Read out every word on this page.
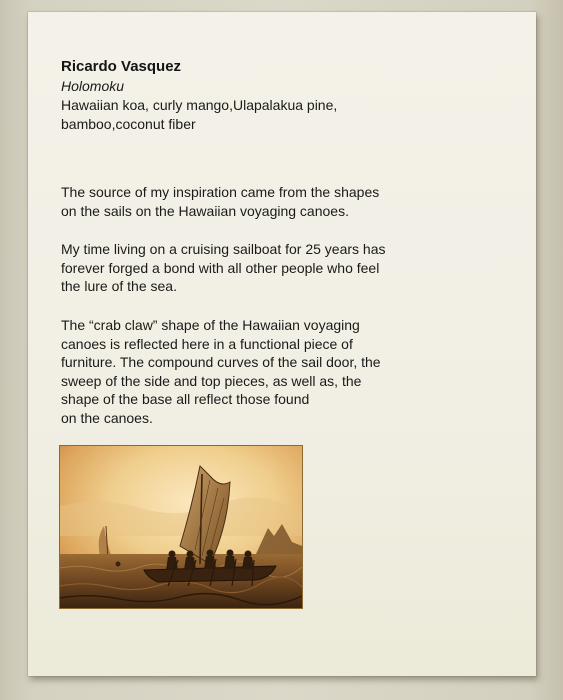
Ricardo Vasquez
Holomoku
Hawaiian koa, curly mango,Ulapalakua pine,
bamboo,coconut fiber
The source of my inspiration came from the shapes
on the sails on the Hawaiian voyaging canoes.
My time living on a cruising sailboat for 25 years has
forever forged a bond with all other people who feel
the lure of the sea.
The “crab claw” shape of the Hawaiian voyaging
canoes is reflected here in a functional piece of
furniture. The compound curves of the sail door, the
sweep of the side and top pieces, as well as, the
shape of the base all reflect those found
on the canoes.
